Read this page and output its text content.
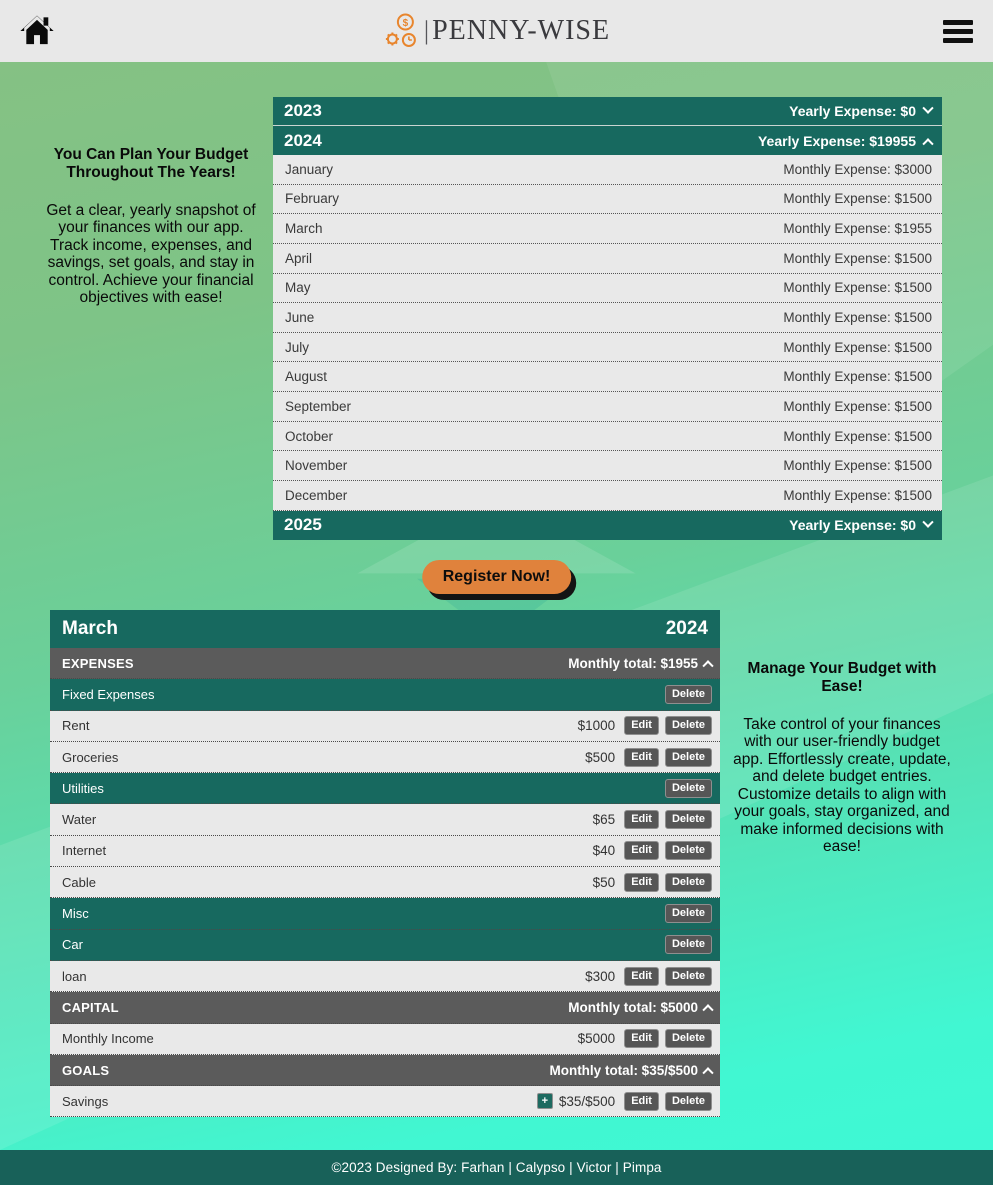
$ | PENNY-WISE
You Can Plan Your Budget Throughout The Years!

Get a clear, yearly snapshot of your finances with our app. Track income, expenses, and savings, set goals, and stay in control. Achieve your financial objectives with ease!

2023	Yearly Expense: $0
2024	Yearly Expense: $19955
January	Monthly Expense: $3000
February	Monthly Expense: $1500
March	Monthly Expense: $1955
April	Monthly Expense: $1500
May	Monthly Expense: $1500
June	Monthly Expense: $1500
July	Monthly Expense: $1500
August	Monthly Expense: $1500
September	Monthly Expense: $1500
October	Monthly Expense: $1500
November	Monthly Expense: $1500
December	Monthly Expense: $1500
2025	Yearly Expense: $0
Register Now!
March	2024
EXPENSES	Monthly total: $1955
Fixed Expenses	Delete
Rent	$1000	Edit	Delete
Groceries	$500	Edit	Delete
Utilities	Delete
Water	$65	Edit	Delete
Internet	$40	Edit	Delete
Cable	$50	Edit	Delete
Misc	Delete
Car	Delete
loan	$300	Edit	Delete
CAPITAL	Monthly total: $5000
Monthly Income	$5000	Edit	Delete
GOALS	Monthly total: $35/$500
Savings	+ $35/$500	Edit	Delete
Manage Your Budget with Ease!

Take control of your finances with our user-friendly budget app. Effortlessly create, update, and delete budget entries. Customize details to align with your goals, stay organized, and make informed decisions with ease!

©2023 Designed By: Farhan | Calypso | Victor | Pimpa
